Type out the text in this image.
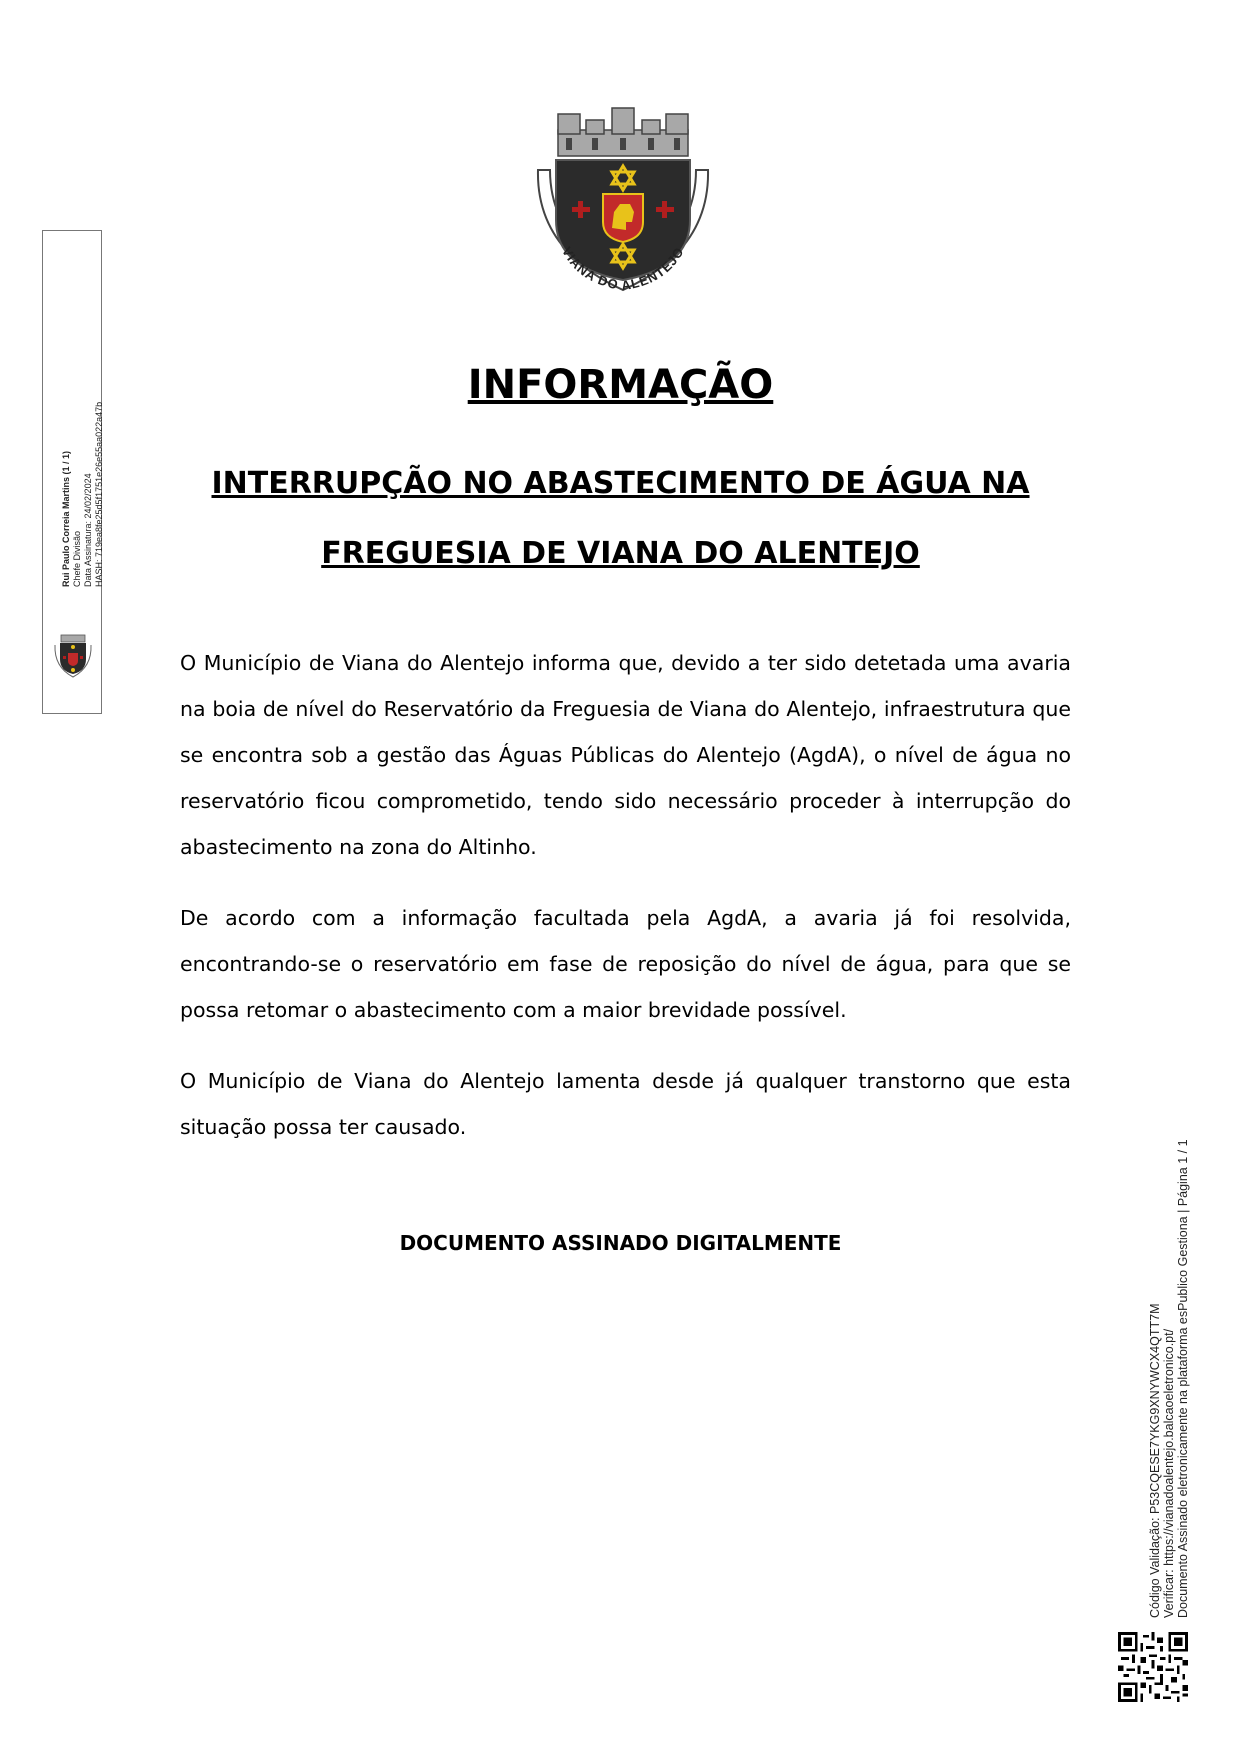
VIANA DO ALENTEJO
INFORMAÇÃO
INTERRUPÇÃO NO ABASTECIMENTO DE ÁGUA NA
FREGUESIA DE VIANA DO ALENTEJO

O Município de Viana do Alentejo informa que, devido a ter sido detetada uma avaria na boia de nível do Reservatório da Freguesia de Viana do Alentejo, infraestrutura que se encontra sob a gestão das Águas Públicas do Alentejo (AgdA), o nível de água no reservatório ficou comprometido, tendo sido necessário proceder à interrupção do abastecimento na zona do Altinho.

De acordo com a informação facultada pela AgdA, a avaria já foi resolvida, encontrando-se o reservatório em fase de reposição do nível de água, para que se possa retomar o abastecimento com a maior brevidade possível.

O Município de Viana do Alentejo lamenta desde já qualquer transtorno que esta situação possa ter causado.

DOCUMENTO ASSINADO DIGITALMENTE
Rui Paulo Correia Martins (1 / 1) Chefe Divisão Data Assinatura: 24/02/2024 HASH: 719ea8fe25d5f1751e26e55aa022a47b
Código Validação: P53CQESE7YKG9XNYWCX4QTT7M Verificar: https://vianadoalentejo.balcaoeletronico.pt/ Documento Assinado eletronicamente na plataforma esPublico Gestiona | Página 1 / 1
